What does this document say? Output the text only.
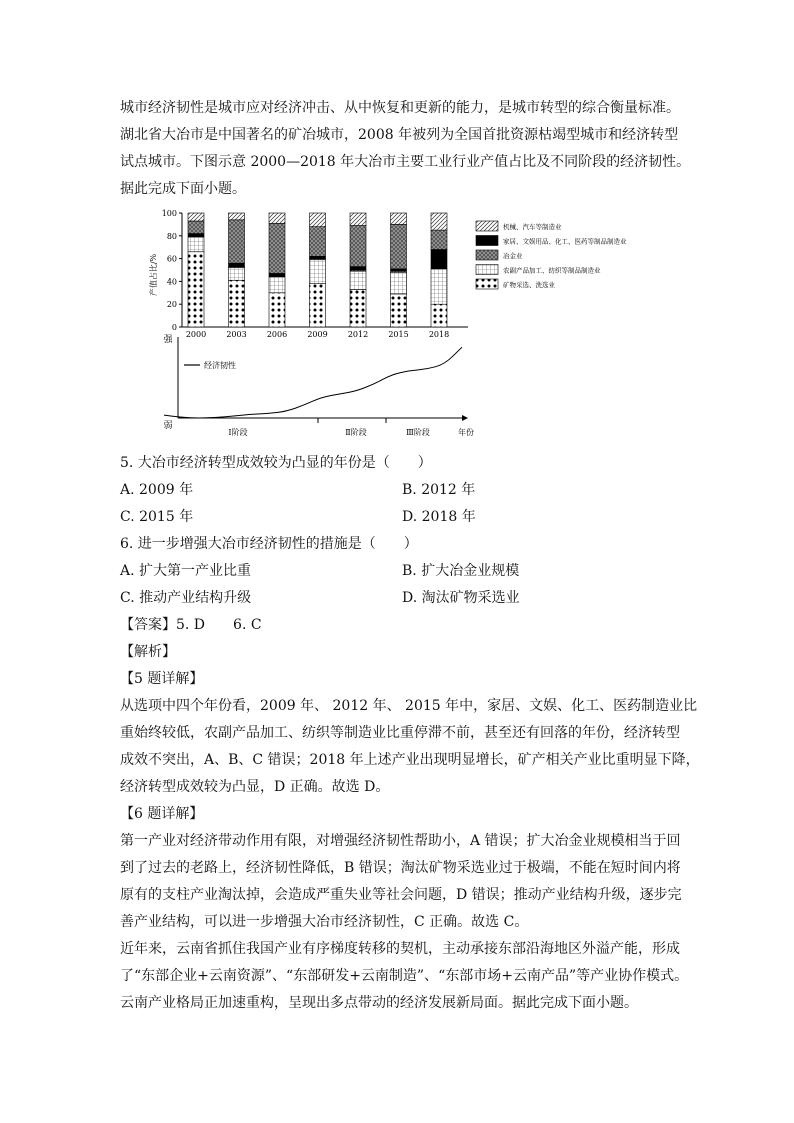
城市经济韧性是城市应对经济冲击、从中恢复和更新的能力，是城市转型的综合衡量标准。
湖北省大冶市是中国著名的矿冶城市，2008 年被列为全国首批资源枯竭型城市和经济转型
试点城市。下图示意 2000—2018 年大冶市主要工业行业产值占比及不同阶段的经济韧性。
据此完成下面小题。
产值占比/%
0
20
40
60
80
100
2000	2003	2006	2009	2012	2015	2018
机械、汽车等制造业
家居、文娱用品、化工、医药等制品制造业
冶金业
农副产品加工、纺织等制品制造业
矿物采选、洗选业
强
弱
经济韧性
年份
Ⅰ阶段	Ⅱ阶段	Ⅲ阶段
5. 大冶市经济转型成效较为凸显的年份是（　　）
A. 2009 年	B. 2012 年
C. 2015 年	D. 2018 年
6. 进一步增强大冶市经济韧性的措施是（　　）
A. 扩大第一产业比重	B. 扩大冶金业规模
C. 推动产业结构升级	D. 淘汰矿物采选业
【答案】5. D　　6. C
【解析】
【5 题详解】
从选项中四个年份看，2009 年、 2012 年、 2015 年中，家居、文娱、化工、医药制造业比
重始终较低，农副产品加工、纺织等制造业比重停滞不前，甚至还有回落的年份，经济转型
成效不突出，A、B、C 错误；2018 年上述产业出现明显增长，矿产相关产业比重明显下降，
经济转型成效较为凸显，D 正确。故选 D。
【6 题详解】
第一产业对经济带动作用有限，对增强经济韧性帮助小，A 错误；扩大冶金业规模相当于回
到了过去的老路上，经济韧性降低，B 错误；淘汰矿物采选业过于极端，不能在短时间内将
原有的支柱产业淘汰掉，会造成严重失业等社会问题，D 错误；推动产业结构升级，逐步完
善产业结构，可以进一步增强大冶市经济韧性，C 正确。故选 C。
近年来，云南省抓住我国产业有序梯度转移的契机，主动承接东部沿海地区外溢产能，形成
了“东部企业+云南资源”、“东部研发+云南制造”、“东部市场+云南产品”等产业协作模式。
云南产业格局正加速重构，呈现出多点带动的经济发展新局面。据此完成下面小题。
